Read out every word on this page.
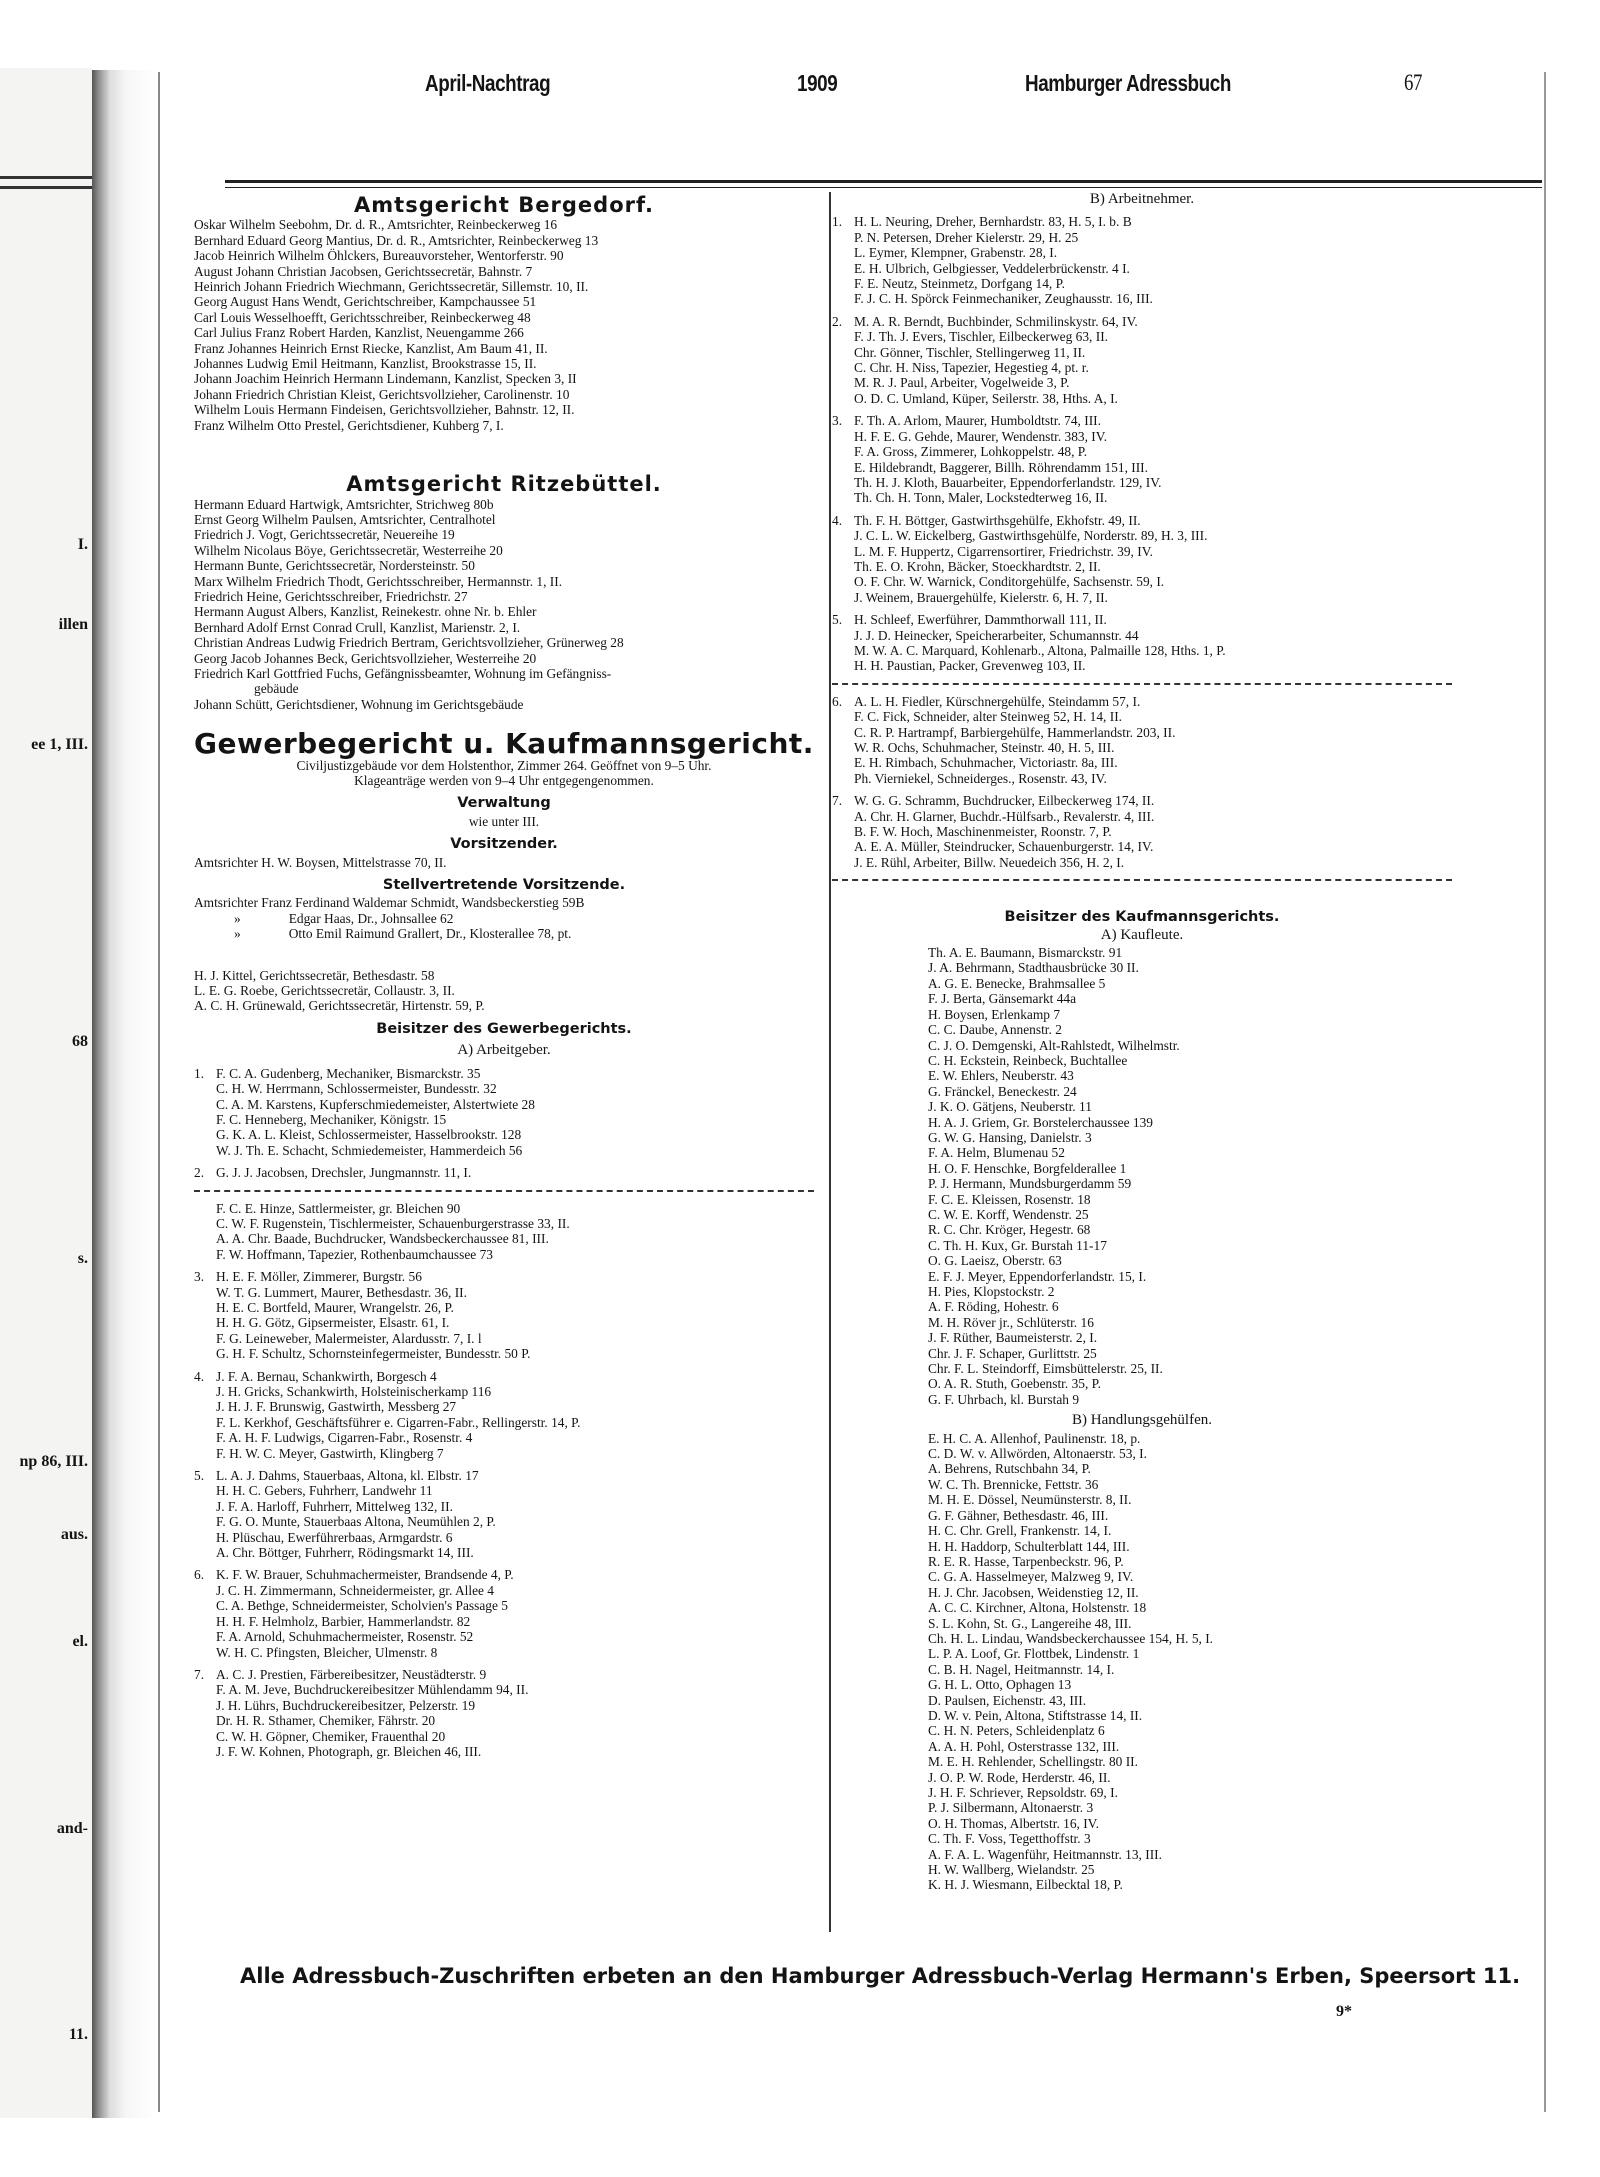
I.
illen
ee 1, III.
68
s.
np 86, III.
aus.
el.
and-
11.
April-Nachtrag	1909	Hamburger Adressbuch	67
Amtsgericht Bergedorf.
Oskar Wilhelm Seebohm, Dr. d. R., Amtsrichter, Reinbeckerweg 16
Bernhard Eduard Georg Mantius, Dr. d. R., Amtsrichter, Reinbeckerweg 13
Jacob Heinrich Wilhelm Öhlckers, Bureauvorsteher, Wentorferstr. 90
August Johann Christian Jacobsen, Gerichtssecretär, Bahnstr. 7
Heinrich Johann Friedrich Wiechmann, Gerichtssecretär, Sillemstr. 10, II.
Georg August Hans Wendt, Gerichtschreiber, Kampchaussee 51
Carl Louis Wesselhoefft, Gerichtsschreiber, Reinbeckerweg 48
Carl Julius Franz Robert Harden, Kanzlist, Neuengamme 266
Franz Johannes Heinrich Ernst Riecke, Kanzlist, Am Baum 41, II.
Johannes Ludwig Emil Heitmann, Kanzlist, Brookstrasse 15, II.
Johann Joachim Heinrich Hermann Lindemann, Kanzlist, Specken 3, II
Johann Friedrich Christian Kleist, Gerichtsvollzieher, Carolinenstr. 10
Wilhelm Louis Hermann Findeisen, Gerichtsvollzieher, Bahnstr. 12, II.
Franz Wilhelm Otto Prestel, Gerichtsdiener, Kuhberg 7, I.
Amtsgericht Ritzebüttel.
Hermann Eduard Hartwigk, Amtsrichter, Strichweg 80b
Ernst Georg Wilhelm Paulsen, Amtsrichter, Centralhotel
Friedrich J. Vogt, Gerichtssecretär, Neuereihe 19
Wilhelm Nicolaus Böye, Gerichtssecretär, Westerreihe 20
Hermann Bunte, Gerichtssecretär, Nordersteinstr. 50
Marx Wilhelm Friedrich Thodt, Gerichtsschreiber, Hermannstr. 1, II.
Friedrich Heine, Gerichtsschreiber, Friedrichstr. 27
Hermann August Albers, Kanzlist, Reinekestr. ohne Nr. b. Ehler
Bernhard Adolf Ernst Conrad Crull, Kanzlist, Marienstr. 2, I.
Christian Andreas Ludwig Friedrich Bertram, Gerichtsvollzieher, Grünerweg 28
Georg Jacob Johannes Beck, Gerichtsvollzieher, Westerreihe 20
Friedrich Karl Gottfried Fuchs, Gefängnissbeamter, Wohnung im Gefängniss-
gebäude
Johann Schütt, Gerichtsdiener, Wohnung im Gerichtsgebäude
Gewerbegericht u. Kaufmannsgericht.
Civiljustizgebäude vor dem Holstenthor, Zimmer 264. Geöffnet von 9–5 Uhr.
Klageanträge werden von 9–4 Uhr entgegengenommen.
Verwaltung
wie unter III.
Vorsitzender.
Amtsrichter H. W. Boysen, Mittelstrasse 70, II.
Stellvertretende Vorsitzende.
Amtsrichter Franz Ferdinand Waldemar Schmidt, Wandsbeckerstieg 59B
»	Edgar Haas, Dr., Johnsallee 62
»	Otto Emil Raimund Grallert, Dr., Klosterallee 78, pt.
H. J. Kittel, Gerichtssecretär, Bethesdastr. 58
L. E. G. Roebe, Gerichtssecretär, Collaustr. 3, II.
A. C. H. Grünewald, Gerichtssecretär, Hirtenstr. 59, P.
Beisitzer des Gewerbegerichts.
A) Arbeitgeber.
1. F. C. A. Gudenberg, Mechaniker, Bismarckstr. 35
C. H. W. Herrmann, Schlossermeister, Bundesstr. 32
C. A. M. Karstens, Kupferschmiedemeister, Alstertwiete 28
F. C. Henneberg, Mechaniker, Königstr. 15
G. K. A. L. Kleist, Schlossermeister, Hasselbrookstr. 128
W. J. Th. E. Schacht, Schmiedemeister, Hammerdeich 56
2. G. J. J. Jacobsen, Drechsler, Jungmannstr. 11, I.
F. C. E. Hinze, Sattlermeister, gr. Bleichen 90
C. W. F. Rugenstein, Tischlermeister, Schauenburgerstrasse 33, II.
A. A. Chr. Baade, Buchdrucker, Wandsbeckerchaussee 81, III.
F. W. Hoffmann, Tapezier, Rothenbaumchaussee 73
3. H. E. F. Möller, Zimmerer, Burgstr. 56
W. T. G. Lummert, Maurer, Bethesdastr. 36, II.
H. E. C. Bortfeld, Maurer, Wrangelstr. 26, P.
H. H. G. Götz, Gipsermeister, Elsastr. 61, I.
F. G. Leineweber, Malermeister, Alardusstr. 7, I. l
G. H. F. Schultz, Schornsteinfegermeister, Bundesstr. 50 P.
4. J. F. A. Bernau, Schankwirth, Borgesch 4
J. H. Gricks, Schankwirth, Holsteinischerkamp 116
J. H. J. F. Brunswig, Gastwirth, Messberg 27
F. L. Kerkhof, Geschäftsführer e. Cigarren-Fabr., Rellingerstr. 14, P.
F. A. H. F. Ludwigs, Cigarren-Fabr., Rosenstr. 4
F. H. W. C. Meyer, Gastwirth, Klingberg 7
5. L. A. J. Dahms, Stauerbaas, Altona, kl. Elbstr. 17
H. H. C. Gebers, Fuhrherr, Landwehr 11
J. F. A. Harloff, Fuhrherr, Mittelweg 132, II.
F. G. O. Munte, Stauerbaas Altona, Neumühlen 2, P.
H. Plüschau, Ewerführerbaas, Armgardstr. 6
A. Chr. Böttger, Fuhrherr, Rödingsmarkt 14, III.
6. K. F. W. Brauer, Schuhmachermeister, Brandsende 4, P.
J. C. H. Zimmermann, Schneidermeister, gr. Allee 4
C. A. Bethge, Schneidermeister, Scholvien's Passage 5
H. H. F. Helmholz, Barbier, Hammerlandstr. 82
F. A. Arnold, Schuhmachermeister, Rosenstr. 52
W. H. C. Pfingsten, Bleicher, Ulmenstr. 8
7. A. C. J. Prestien, Färbereibesitzer, Neustädterstr. 9
F. A. M. Jeve, Buchdruckereibesitzer Mühlendamm 94, II.
J. H. Lührs, Buchdruckereibesitzer, Pelzerstr. 19
Dr. H. R. Sthamer, Chemiker, Fährstr. 20
C. W. H. Göpner, Chemiker, Frauenthal 20
J. F. W. Kohnen, Photograph, gr. Bleichen 46, III.
B) Arbeitnehmer.
1. H. L. Neuring, Dreher, Bernhardstr. 83, H. 5, I. b. B
P. N. Petersen, Dreher Kielerstr. 29, H. 25
L. Eymer, Klempner, Grabenstr. 28, I.
E. H. Ulbrich, Gelbgiesser, Veddelerbrückenstr. 4 I.
F. E. Neutz, Steinmetz, Dorfgang 14, P.
F. J. C. H. Spörck Feinmechaniker, Zeughausstr. 16, III.
2. M. A. R. Berndt, Buchbinder, Schmilinskystr. 64, IV.
F. J. Th. J. Evers, Tischler, Eilbeckerweg 63, II.
Chr. Gönner, Tischler, Stellingerweg 11, II.
C. Chr. H. Niss, Tapezier, Hegestieg 4, pt. r.
M. R. J. Paul, Arbeiter, Vogelweide 3, P.
O. D. C. Umland, Küper, Seilerstr. 38, Hths. A, I.
3. F. Th. A. Arlom, Maurer, Humboldtstr. 74, III.
H. F. E. G. Gehde, Maurer, Wendenstr. 383, IV.
F. A. Gross, Zimmerer, Lohkoppelstr. 48, P.
E. Hildebrandt, Baggerer, Billh. Röhrendamm 151, III.
Th. H. J. Kloth, Bauarbeiter, Eppendorferlandstr. 129, IV.
Th. Ch. H. Tonn, Maler, Lockstedterweg 16, II.
4. Th. F. H. Böttger, Gastwirthsgehülfe, Ekhofstr. 49, II.
J. C. L. W. Eickelberg, Gastwirthsgehülfe, Norderstr. 89, H. 3, III.
L. M. F. Huppertz, Cigarrensortirer, Friedrichstr. 39, IV.
Th. E. O. Krohn, Bäcker, Stoeckhardtstr. 2, II.
O. F. Chr. W. Warnick, Conditorgehülfe, Sachsenstr. 59, I.
J. Weinem, Brauergehülfe, Kielerstr. 6, H. 7, II.
5. H. Schleef, Ewerführer, Dammthorwall 111, II.
J. J. D. Heinecker, Speicherarbeiter, Schumannstr. 44
M. W. A. C. Marquard, Kohlenarb., Altona, Palmaille 128, Hths. 1, P.
H. H. Paustian, Packer, Grevenweg 103, II.
6. A. L. H. Fiedler, Kürschnergehülfe, Steindamm 57, I.
F. C. Fick, Schneider, alter Steinweg 52, H. 14, II.
C. R. P. Hartrampf, Barbiergehülfe, Hammerlandstr. 203, II.
W. R. Ochs, Schuhmacher, Steinstr. 40, H. 5, III.
E. H. Rimbach, Schuhmacher, Victoriastr. 8a, III.
Ph. Vierniekel, Schneiderges., Rosenstr. 43, IV.
7. W. G. G. Schramm, Buchdrucker, Eilbeckerweg 174, II.
A. Chr. H. Glarner, Buchdr.-Hülfsarb., Revalerstr. 4, III.
B. F. W. Hoch, Maschinenmeister, Roonstr. 7, P.
A. E. A. Müller, Steindrucker, Schauenburgerstr. 14, IV.
J. E. Rühl, Arbeiter, Billw. Neuedeich 356, H. 2, I.
Beisitzer des Kaufmannsgerichts.
A) Kaufleute.
Th. A. E. Baumann, Bismarckstr. 91
J. A. Behrmann, Stadthausbrücke 30 II.
A. G. E. Benecke, Brahmsallee 5
F. J. Berta, Gänsemarkt 44a
H. Boysen, Erlenkamp 7
C. C. Daube, Annenstr. 2
C. J. O. Demgenski, Alt-Rahlstedt, Wilhelmstr.
C. H. Eckstein, Reinbeck, Buchtallee
E. W. Ehlers, Neuberstr. 43
G. Fränckel, Beneckestr. 24
J. K. O. Gätjens, Neuberstr. 11
H. A. J. Griem, Gr. Borstelerchaussee 139
G. W. G. Hansing, Danielstr. 3
F. A. Helm, Blumenau 52
H. O. F. Henschke, Borgfelderallee 1
P. J. Hermann, Mundsburgerdamm 59
F. C. E. Kleissen, Rosenstr. 18
C. W. E. Korff, Wendenstr. 25
R. C. Chr. Kröger, Hegestr. 68
C. Th. H. Kux, Gr. Burstah 11-17
O. G. Laeisz, Oberstr. 63
E. F. J. Meyer, Eppendorferlandstr. 15, I.
H. Pies, Klopstockstr. 2
A. F. Röding, Hohestr. 6
M. H. Röver jr., Schlüterstr. 16
J. F. Rüther, Baumeisterstr. 2, I.
Chr. J. F. Schaper, Gurlittstr. 25
Chr. F. L. Steindorff, Eimsbüttelerstr. 25, II.
O. A. R. Stuth, Goebenstr. 35, P.
G. F. Uhrbach, kl. Burstah 9
B) Handlungsgehülfen.
E. H. C. A. Allenhof, Paulinenstr. 18, p.
C. D. W. v. Allwörden, Altonaerstr. 53, I.
A. Behrens, Rutschbahn 34, P.
W. C. Th. Brennicke, Fettstr. 36
M. H. E. Dössel, Neumünsterstr. 8, II.
G. F. Gähner, Bethesdastr. 46, III.
H. C. Chr. Grell, Frankenstr. 14, I.
H. H. Haddorp, Schulterblatt 144, III.
R. E. R. Hasse, Tarpenbeckstr. 96, P.
C. G. A. Hasselmeyer, Malzweg 9, IV.
H. J. Chr. Jacobsen, Weidenstieg 12, II.
A. C. C. Kirchner, Altona, Holstenstr. 18
S. L. Kohn, St. G., Langereihe 48, III.
Ch. H. L. Lindau, Wandsbeckerchaussee 154, H. 5, I.
L. P. A. Loof, Gr. Flottbek, Lindenstr. 1
C. B. H. Nagel, Heitmannstr. 14, I.
G. H. L. Otto, Ophagen 13
D. Paulsen, Eichenstr. 43, III.
D. W. v. Pein, Altona, Stiftstrasse 14, II.
C. H. N. Peters, Schleidenplatz 6
A. A. H. Pohl, Osterstrasse 132, III.
M. E. H. Rehlender, Schellingstr. 80 II.
J. O. P. W. Rode, Herderstr. 46, II.
J. H. F. Schriever, Repsoldstr. 69, I.
P. J. Silbermann, Altonaerstr. 3
O. H. Thomas, Albertstr. 16, IV.
C. Th. F. Voss, Tegetthoffstr. 3
A. F. A. L. Wagenführ, Heitmannstr. 13, III.
H. W. Wallberg, Wielandstr. 25
K. H. J. Wiesmann, Eilbecktal 18, P.
Alle Adressbuch-Zuschriften erbeten an den Hamburger Adressbuch-Verlag Hermann's Erben, Speersort 11.
9*
